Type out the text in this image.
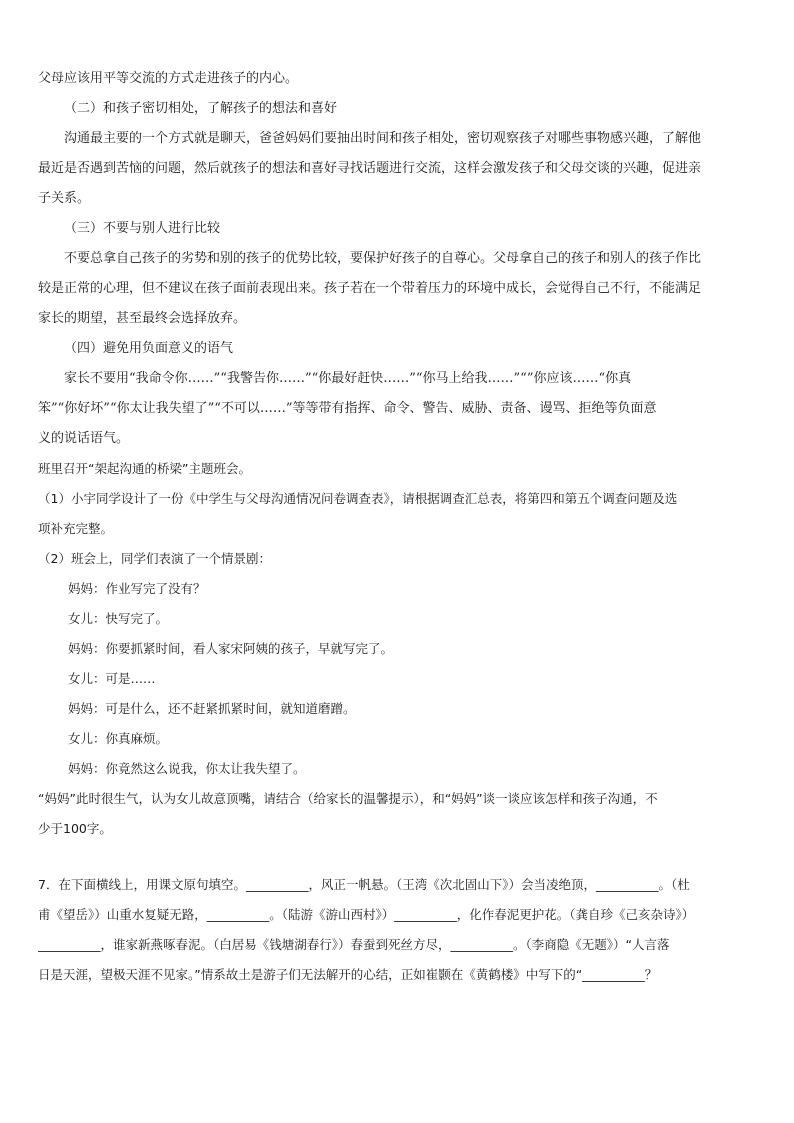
父母应该用平等交流的方式走进孩子的内心。
（二）和孩子密切相处，了解孩子的想法和喜好
沟通最主要的一个方式就是聊天，爸爸妈妈们要抽出时间和孩子相处，密切观察孩子对哪些事物感兴趣，了解他
最近是否遇到苦恼的问题，然后就孩子的想法和喜好寻找话题进行交流，这样会激发孩子和父母交谈的兴趣，促进亲
子关系。
（三）不要与别人进行比较
不要总拿自己孩子的劣势和别的孩子的优势比较，要保护好孩子的自尊心。父母拿自己的孩子和别人的孩子作比
较是正常的心理，但不建议在孩子面前表现出来。孩子若在一个带着压力的环境中成长，会觉得自己不行，不能满足
家长的期望，甚至最终会选择放弃。
（四）避免用负面意义的语气
家长不要用“我命令你……”“我警告你……”“你最好赶快……”“你马上给我……”“”你应该……“你真
笨”“你好坏”“你太让我失望了”“不可以……”等等带有指挥、命令、警告、威胁、责备、谩骂、拒绝等负面意
义的说话语气。
班里召开“架起沟通的桥梁”主题班会。
（1）小宇同学设计了一份《中学生与父母沟通情况问卷调查表》，请根据调查汇总表，将第四和第五个调查问题及选
项补充完整。
（2）班会上，同学们表演了一个情景剧：
妈妈：作业写完了没有？
女儿：快写完了。
妈妈：你要抓紧时间，看人家宋阿姨的孩子，早就写完了。
女儿：可是……
妈妈：可是什么，还不赶紧抓紧时间，就知道磨蹭。
女儿：你真麻烦。
妈妈：你竟然这么说我，你太让我失望了。
“妈妈”此时很生气，认为女儿故意顶嘴，请结合（给家长的温馨提示），和“妈妈”谈一谈应该怎样和孩子沟通，不
少于100字。
7．在下面横线上，用课文原句填空。__________，风正一帆悬。（王湾《次北固山下》）会当凌绝顶，__________。（杜
甫《望岳》）山重水复疑无路，__________。（陆游《游山西村》）__________，化作春泥更护花。（龚自珍《己亥杂诗》）
__________，谁家新燕啄春泥。（白居易《钱塘湖春行》）春蚕到死丝方尽，__________。（李商隐《无题》）“人言落
日是天涯，望极天涯不见家。”情系故土是游子们无法解开的心结，正如崔颢在《黄鹤楼》中写下的“__________？
